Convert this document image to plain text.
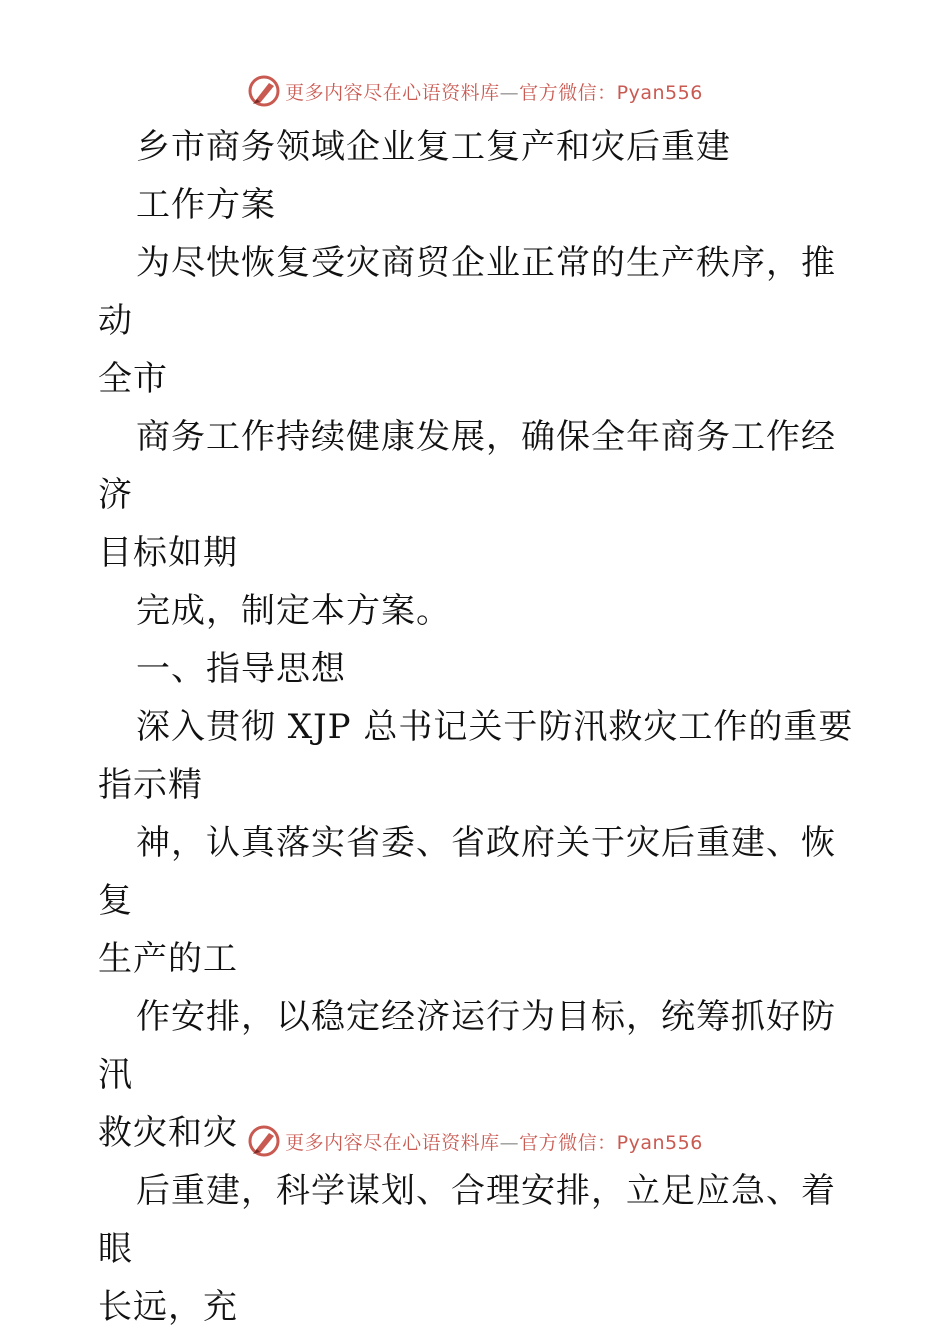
更多内容尽在心语资料库—官方微信：Pyan556

乡市商务领域企业复工复产和灾后重建

工作方案

为尽快恢复受灾商贸企业正常的生产秩序，推动
全市

商务工作持续健康发展，确保全年商务工作经济
目标如期

完成，制定本方案。

一、指导思想

深入贯彻 XJP 总书记关于防汛救灾工作的重要
指示精

神，认真落实省委、省政府关于灾后重建、恢复
生产的工

作安排，以稳定经济运行为目标，统筹抓好防汛
救灾和灾

后重建，科学谋划、合理安排，立足应急、着眼
长远，充

更多内容尽在心语资料库—官方微信：Pyan556
